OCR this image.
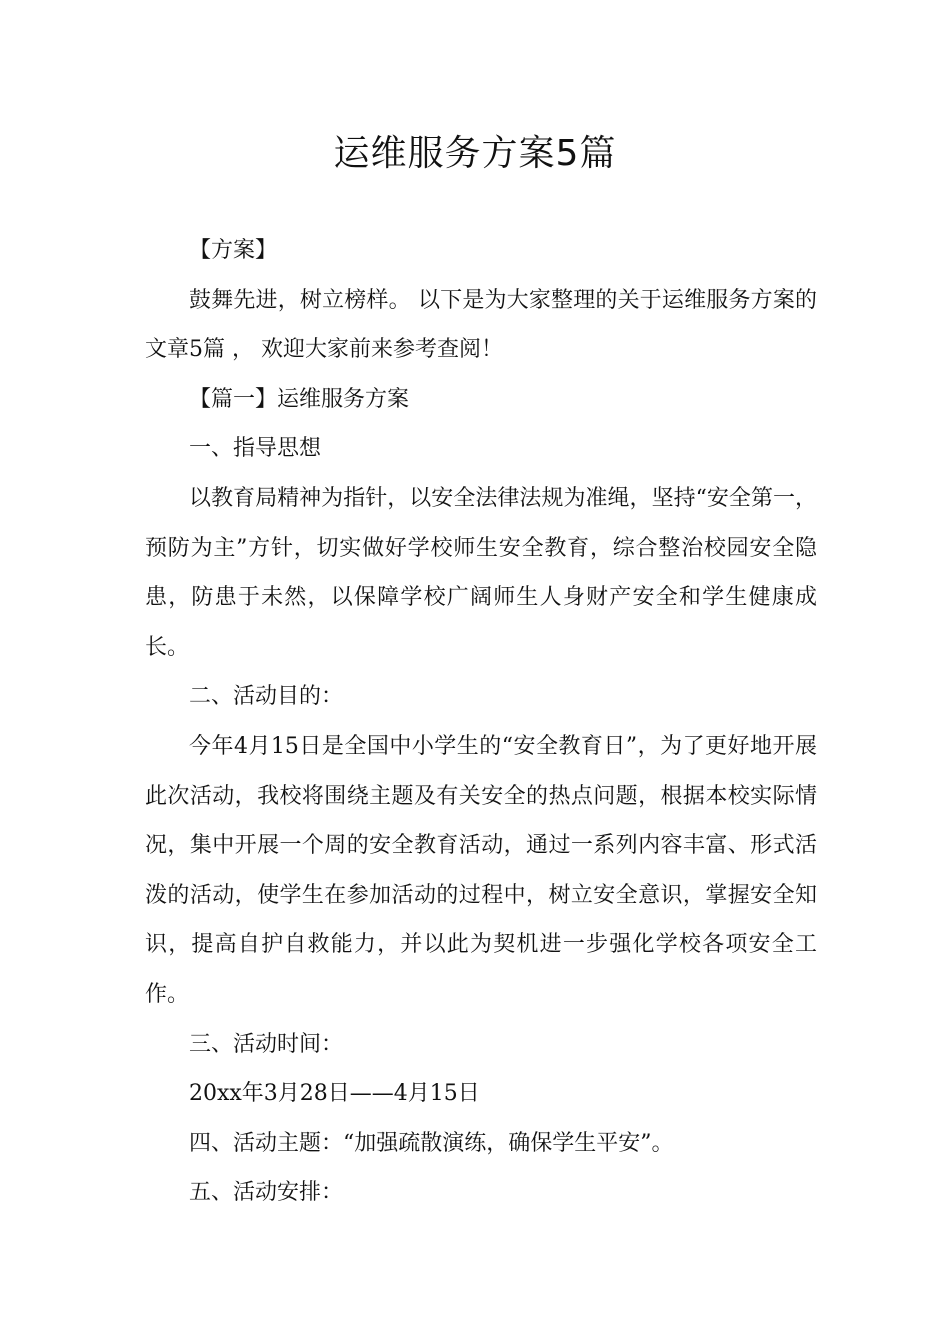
运维服务方案5篇

【方案】

鼓舞先进，树立榜样。 以下是为大家整理的关于运维服务方案的文章5篇 ， 欢迎大家前来参考查阅！

【篇一】运维服务方案

一、指导思想

以教育局精神为指针，以安全法律法规为准绳，坚持“安全第一，预防为主”方针，切实做好学校师生安全教育，综合整治校园安全隐患，防患于未然，以保障学校广阔师生人身财产安全和学生健康成长。

二、活动目的：

今年4月15日是全国中小学生的“安全教育日”，为了更好地开展此次活动，我校将围绕主题及有关安全的热点问题，根据本校实际情况，集中开展一个周的安全教育活动，通过一系列内容丰富、形式活泼的活动，使学生在参加活动的过程中，树立安全意识，掌握安全知识，提高自护自救能力，并以此为契机进一步强化学校各项安全工作。

三、活动时间：

20xx年3月28日——4月15日

四、活动主题：“加强疏散演练，确保学生平安”。

五、活动安排：
